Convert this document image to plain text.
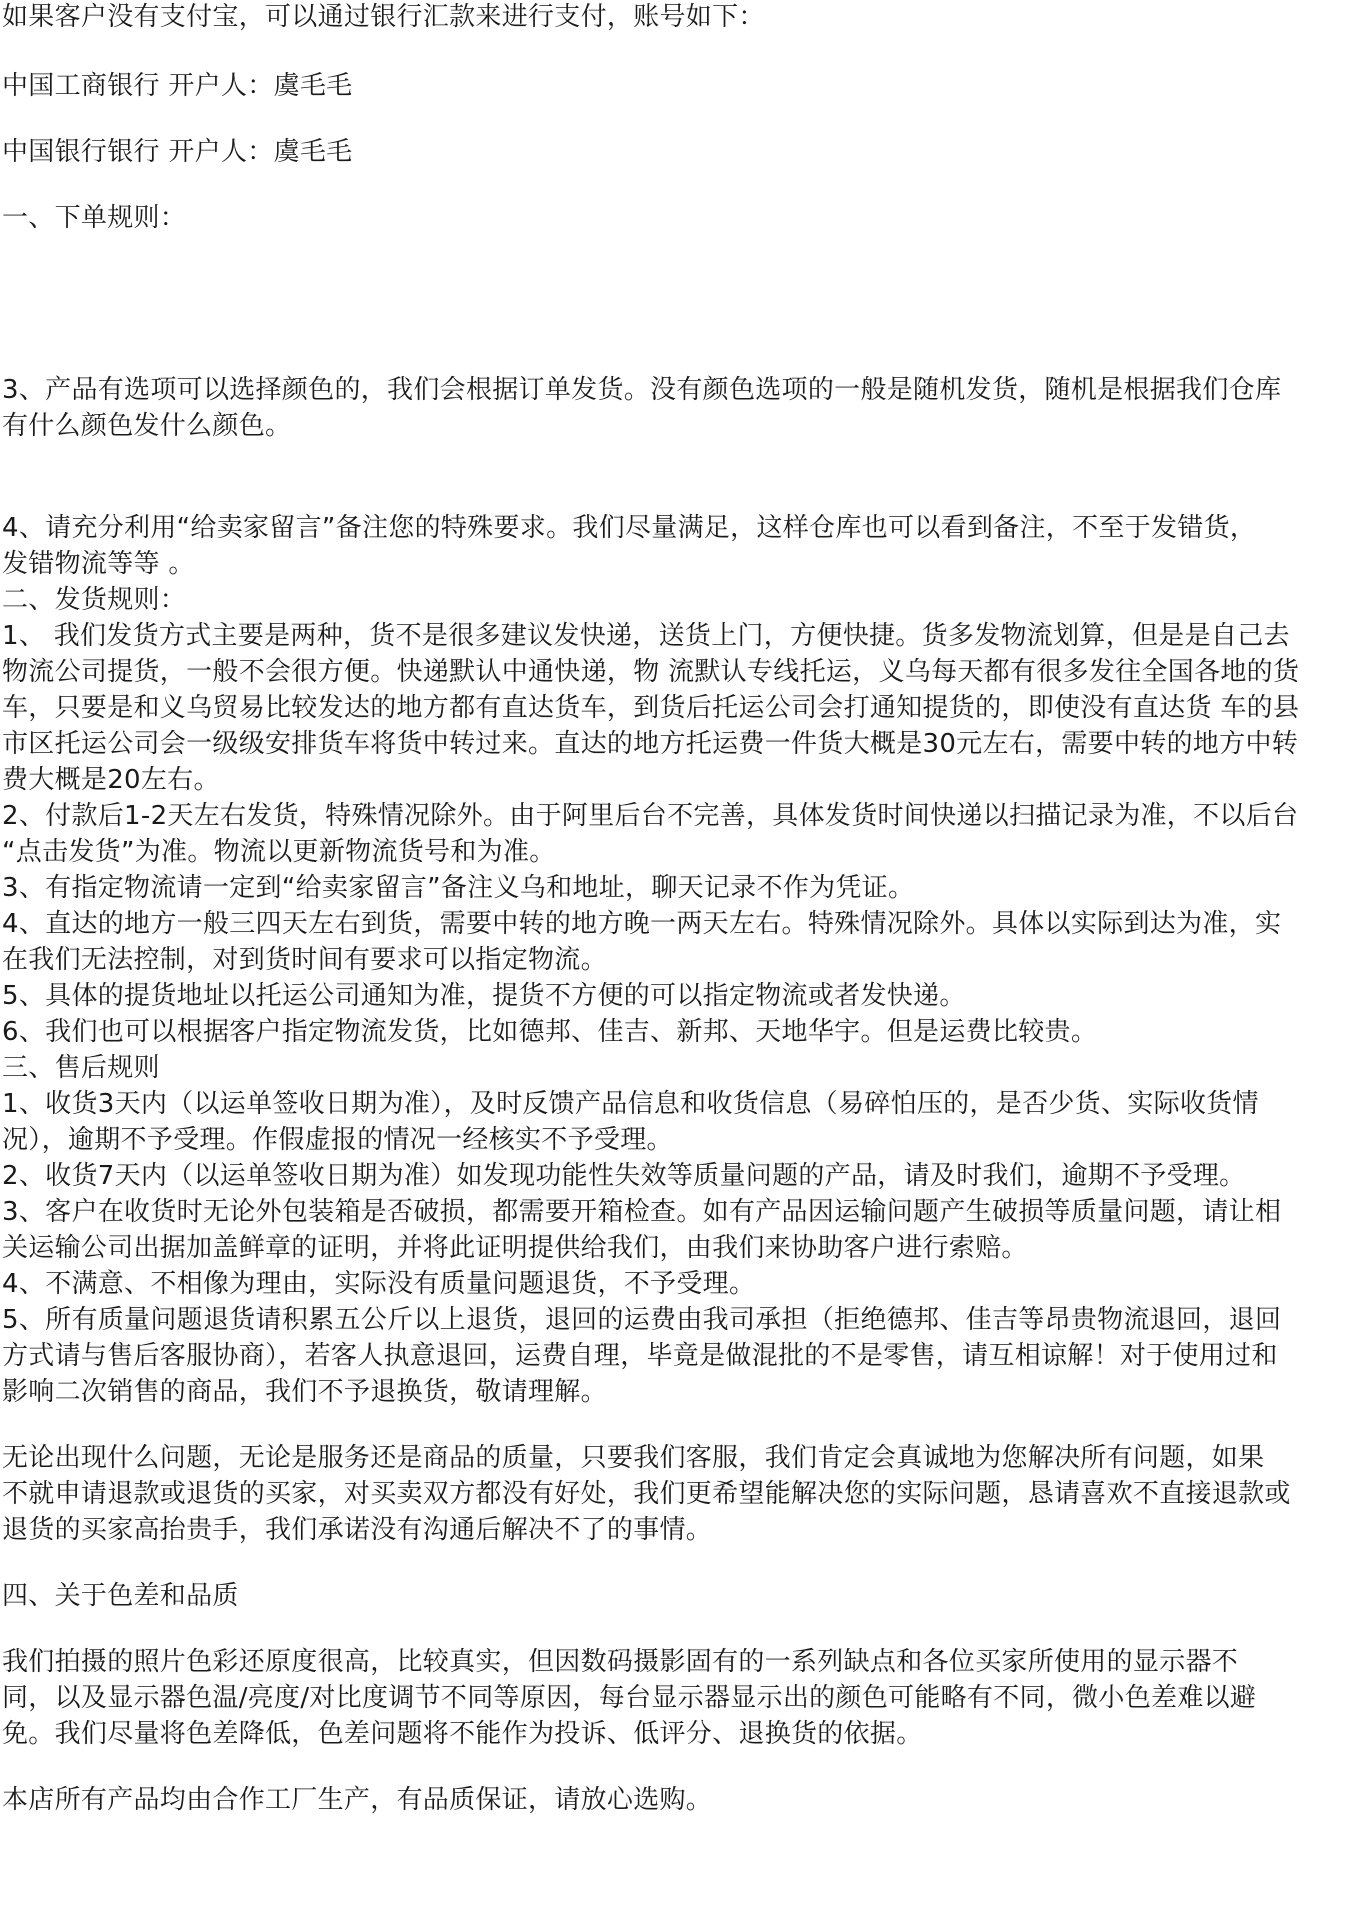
如果客户没有支付宝，可以通过银行汇款来进行支付，账号如下：

中国工商银行 开户人：虞毛毛

中国银行银行 开户人：虞毛毛

一、下单规则：

3、产品有选项可以选择颜色的，我们会根据订单发货。没有颜色选项的一般是随机发货，随机是根据我们仓库

有什么颜色发什么颜色。

4、请充分利用“给卖家留言”备注您的特殊要求。我们尽量满足，这样仓库也可以看到备注，不至于发错货，

发错物流等等 。

二、发货规则：

1、 我们发货方式主要是两种，货不是很多建议发快递，送货上门，方便快捷。货多发物流划算，但是是自己去

物流公司提货，一般不会很方便。快递默认中通快递，物 流默认专线托运，义乌每天都有很多发往全国各地的货

车，只要是和义乌贸易比较发达的地方都有直达货车，到货后托运公司会打通知提货的，即使没有直达货 车的县

市区托运公司会一级级安排货车将货中转过来。直达的地方托运费一件货大概是30元左右，需要中转的地方中转

费大概是20左右。

2、付款后1-2天左右发货，特殊情况除外。由于阿里后台不完善，具体发货时间快递以扫描记录为准，不以后台

“点击发货”为准。物流以更新物流货号和为准。

3、有指定物流请一定到“给卖家留言”备注义乌和地址，聊天记录不作为凭证。

4、直达的地方一般三四天左右到货，需要中转的地方晚一两天左右。特殊情况除外。具体以实际到达为准，实

在我们无法控制，对到货时间有要求可以指定物流。

5、具体的提货地址以托运公司通知为准，提货不方便的可以指定物流或者发快递。

6、我们也可以根据客户指定物流发货，比如德邦、佳吉、新邦、天地华宇。但是运费比较贵。

三、售后规则

1、收货3天内（以运单签收日期为准），及时反馈产品信息和收货信息（易碎怕压的，是否少货、实际收货情

况），逾期不予受理。作假虚报的情况一经核实不予受理。

2、收货7天内（以运单签收日期为准）如发现功能性失效等质量问题的产品，请及时我们，逾期不予受理。

3、客户在收货时无论外包装箱是否破损，都需要开箱检查。如有产品因运输问题产生破损等质量问题，请让相

关运输公司出据加盖鲜章的证明，并将此证明提供给我们，由我们来协助客户进行索赔。

4、不满意、不相像为理由，实际没有质量问题退货，不予受理。

5、所有质量问题退货请积累五公斤以上退货，退回的运费由我司承担（拒绝德邦、佳吉等昂贵物流退回，退回

方式请与售后客服协商），若客人执意退回，运费自理，毕竟是做混批的不是零售，请互相谅解！对于使用过和

影响二次销售的商品，我们不予退换货，敬请理解。

无论出现什么问题，无论是服务还是商品的质量，只要我们客服，我们肯定会真诚地为您解决所有问题，如果

不就申请退款或退货的买家，对买卖双方都没有好处，我们更希望能解决您的实际问题，恳请喜欢不直接退款或

退货的买家高抬贵手，我们承诺没有沟通后解决不了的事情。

四、关于色差和品质

我们拍摄的照片色彩还原度很高，比较真实，但因数码摄影固有的一系列缺点和各位买家所使用的显示器不

同，以及显示器色温/亮度/对比度调节不同等原因，每台显示器显示出的颜色可能略有不同，微小色差难以避

免。我们尽量将色差降低，色差问题将不能作为投诉、低评分、退换货的依据。

本店所有产品均由合作工厂生产，有品质保证，请放心选购。
